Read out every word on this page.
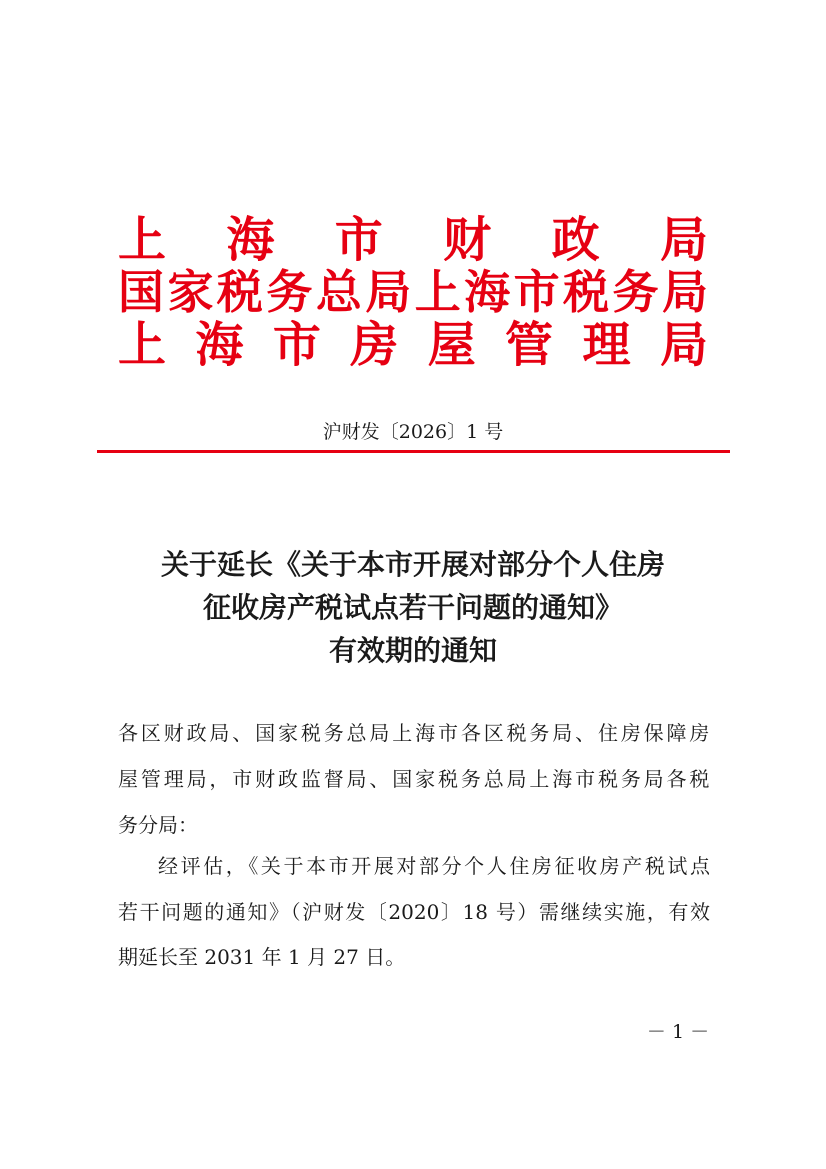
上 海 市 财 政 局
国 家 税 务 总 局 上 海 市 税 务 局
上 海 市 房 屋 管 理 局
沪财发〔2026〕1 号
关于延长《关于本市开展对部分个人住房
征收房产税试点若干问题的通知》
有效期的通知
各区财政局、国家税务总局上海市各区税务局、住房保障房
屋管理局，市财政监督局、国家税务总局上海市税务局各税
务分局：
经评估，《关于本市开展对部分个人住房征收房产税试点
若干问题的通知》（沪财发〔2020〕18 号）需继续实施，有效
期延长至 2031 年 1 月 27 日。
－ 1 －
